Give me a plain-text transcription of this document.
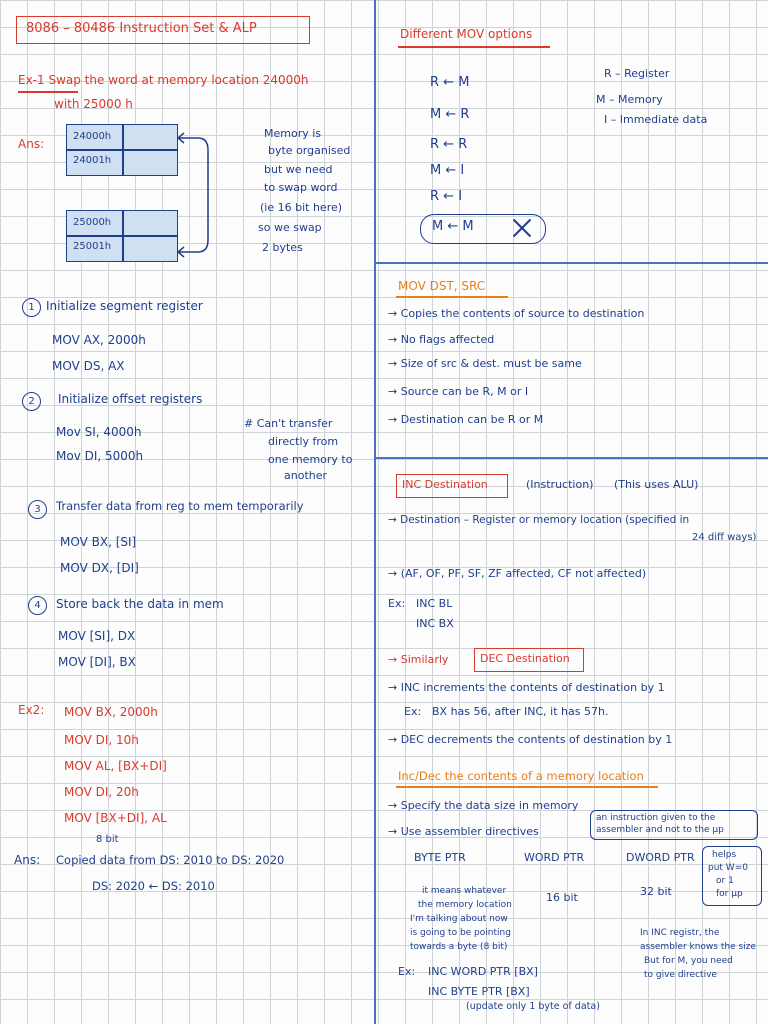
8086 – 80486 Instruction Set & ALP
Ex-1 Swap the word at memory location 24000h
with 25000 h
Ans:
24000h
24001h
25000h
25001h
Memory is
byte organised
but we need
to swap word
(ie 16 bit here)
so we swap
2 bytes
1 Initialize segment register
MOV AX, 2000h
MOV DS, AX
2	Initialize offset registers
Mov SI, 4000h
Mov DI, 5000h
# Can't transfer
directly from
one memory to
another
3	Transfer data from reg to mem temporarily
MOV BX, [SI]
MOV DX, [DI]
4	Store back the data in mem
MOV [SI], DX
MOV [DI], BX
Ex2: MOV BX, 2000h
MOV DI, 10h
MOV AL, [BX+DI]
MOV DI, 20h
MOV [BX+DI], AL
Ans:
8 bit
Copied data from DS: 2010 to DS: 2020
DS: 2020 ← DS: 2010
Different MOV options
R ← M
M ← R
R ← R
M ← I
R ← I
M ← M
R – Register
M – Memory
I – Immediate data
MOV DST, SRC
→ Copies the contents of source to destination
→ No flags affected
→ Size of src & dest. must be same
→ Source can be R, M or I
→ Destination can be R or M
INC Destination	(Instruction) (This uses ALU)
→ Destination – Register or memory location (specified in
24 diff ways)
→ (AF, OF, PF, SF, ZF affected, CF not affected)
Ex: INC BL
INC BX
→ Similarly	DEC Destination
→ INC increments the contents of destination by 1
Ex: BX has 56, after INC, it has 57h.
→ DEC decrements the contents of destination by 1
Inc/Dec the contents of a memory location
→ Specify the data size in memory
→ Use assembler directives
an instruction given to the
assembler and not to the µp
BYTE PTR	WORD PTR	DWORD PTR
it means whatever
the memory location
I'm talking about now
is going to be pointing
towards a byte (8 bit)
16 bit	32 bit
helps
put W=0
or 1
for µp
In INC registr, the
assembler knows the size
But for M, you need
to give directive
Ex: INC WORD PTR [BX]
INC BYTE PTR [BX]
(update only 1 byte of data)
